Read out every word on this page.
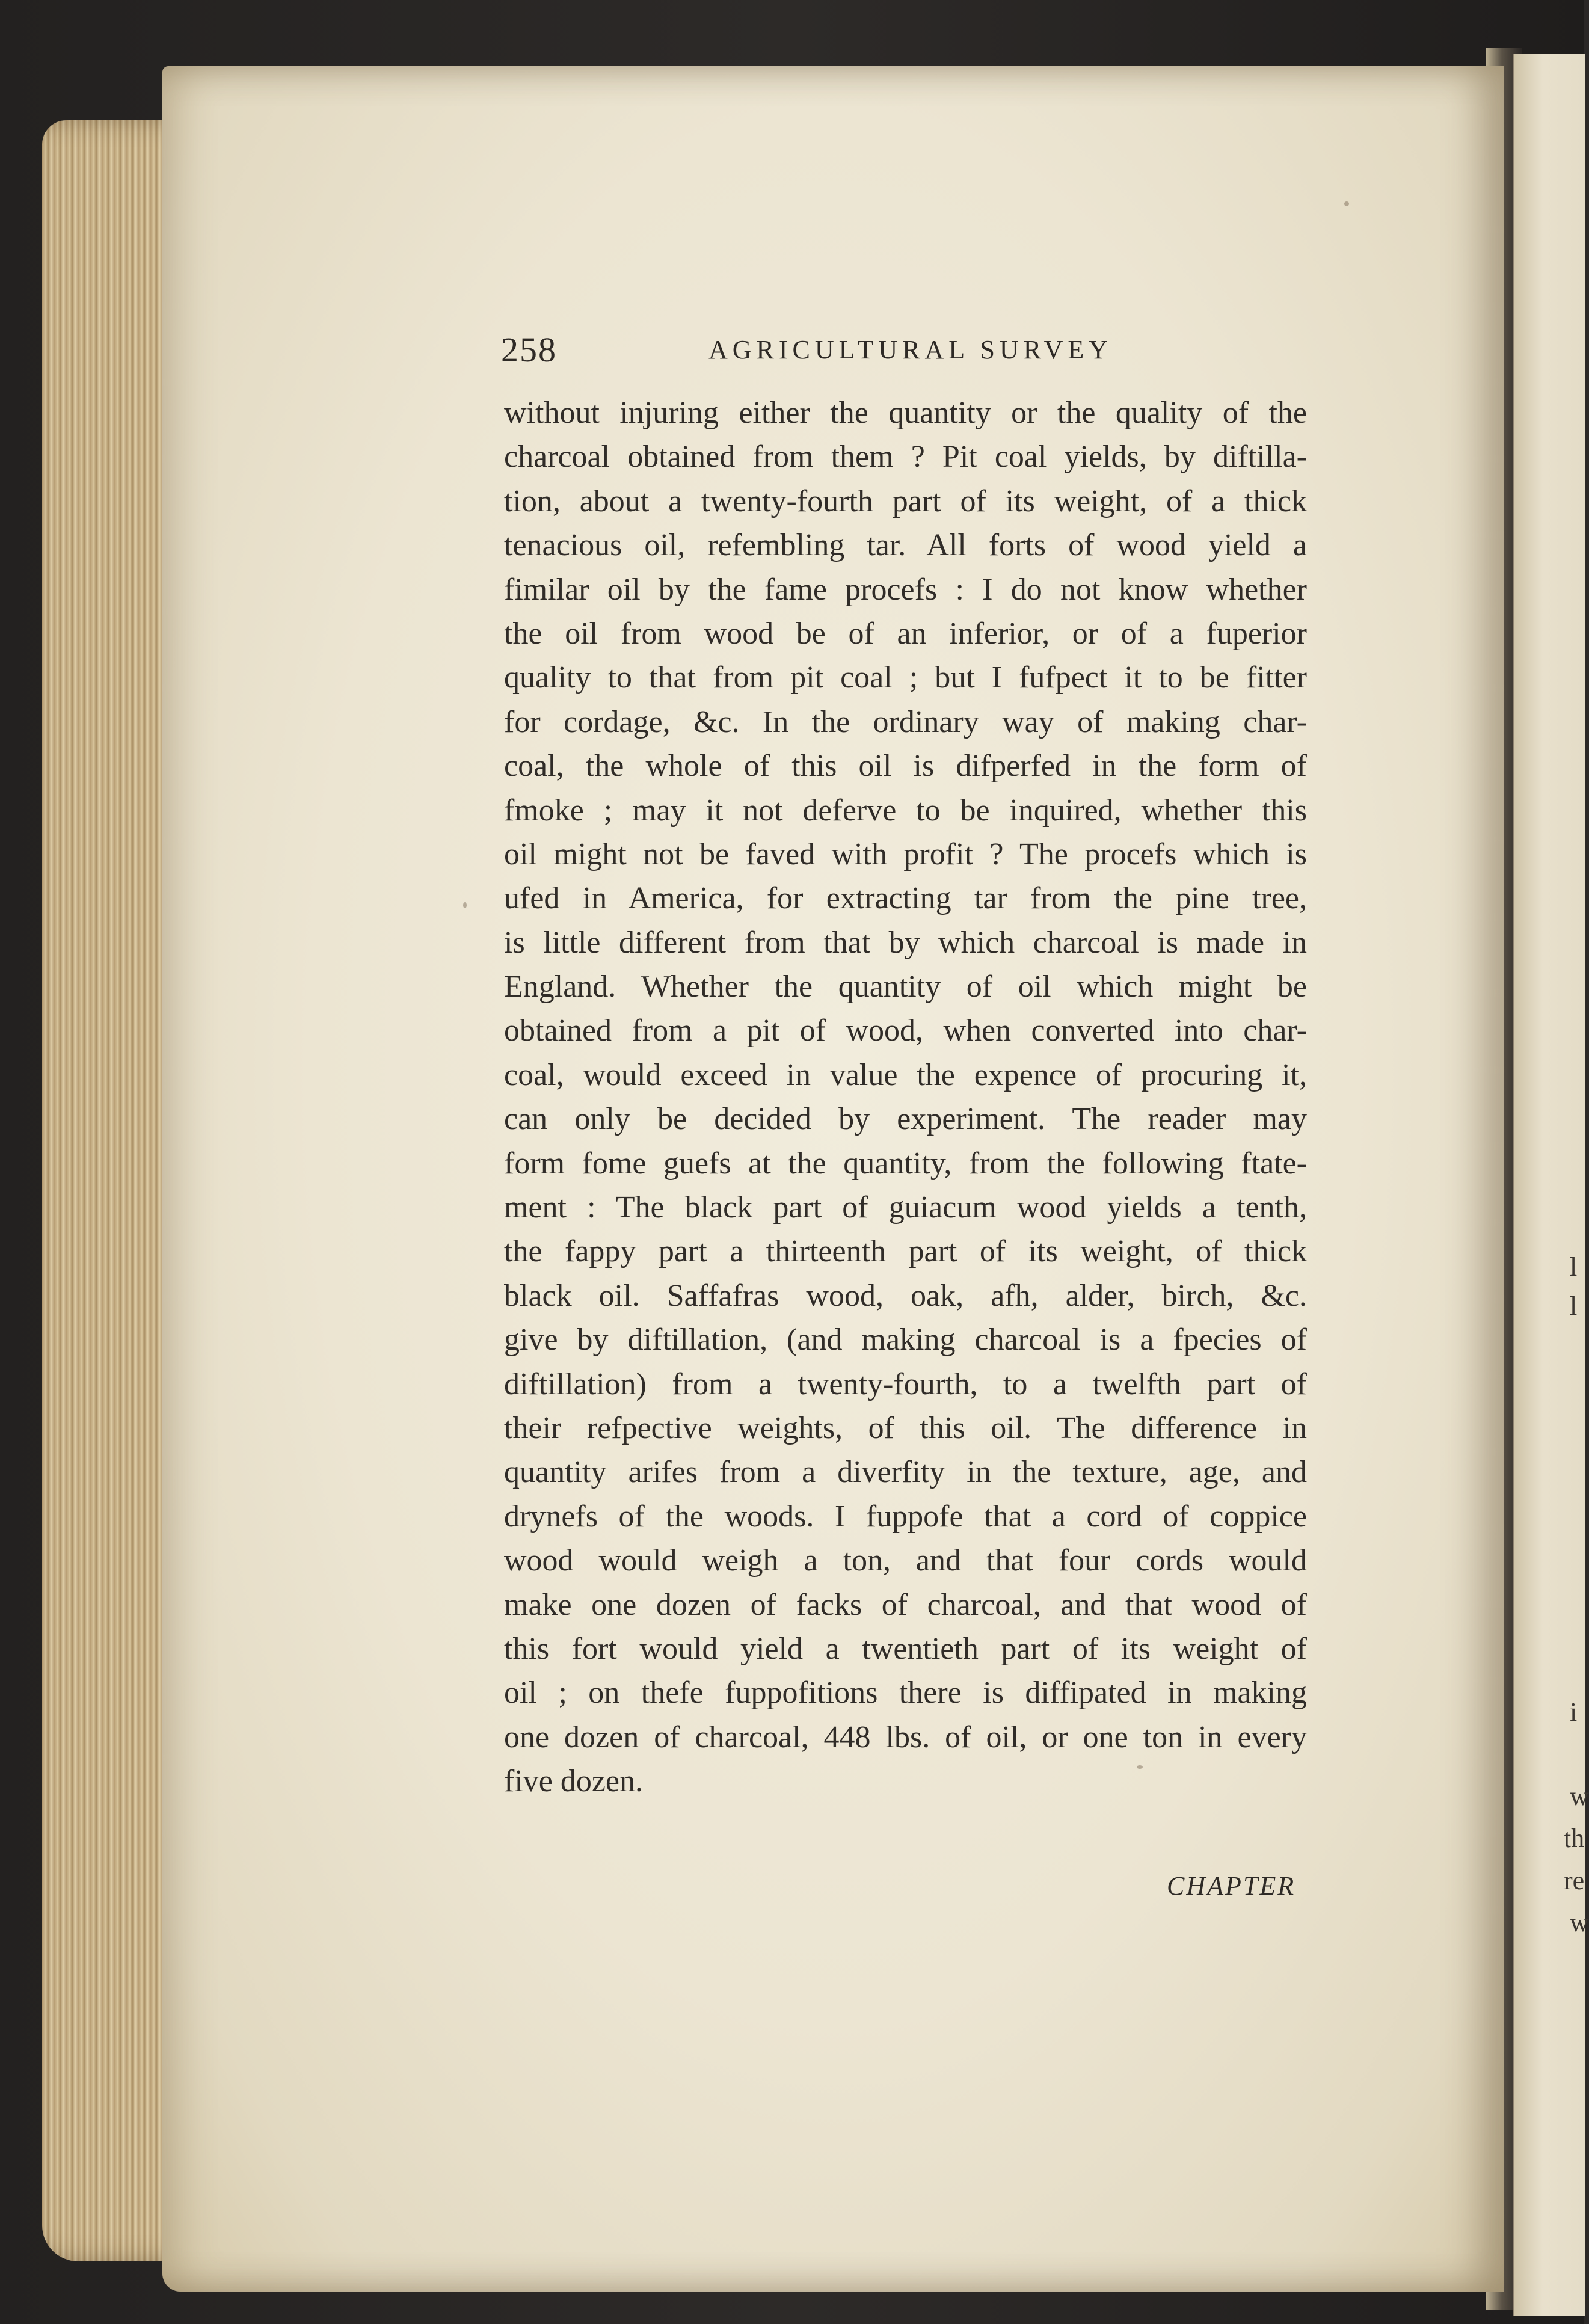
l
l
i
w
th
re
w
258	AGRICULTURAL SURVEY
without injuring either the quantity or the quality of the
charcoal obtained from them ? Pit coal yields, by diftilla-
tion, about a twenty-fourth part of its weight, of a thick
tenacious oil, refembling tar. All forts of wood yield a
fimilar oil by the fame procefs : I do not know whether
the oil from wood be of an inferior, or of a fuperior
quality to that from pit coal ; but I fufpect it to be fitter
for cordage, &c. In the ordinary way of making char-
coal, the whole of this oil is difperfed in the form of
fmoke ; may it not deferve to be inquired, whether this
oil might not be faved with profit ? The procefs which is
ufed in America, for extracting tar from the pine tree,
is little different from that by which charcoal is made in
England. Whether the quantity of oil which might be
obtained from a pit of wood, when converted into char-
coal, would exceed in value the expence of procuring it,
can only be decided by experiment. The reader may
form fome guefs at the quantity, from the following ftate-
ment : The black part of guiacum wood yields a tenth,
the fappy part a thirteenth part of its weight, of thick
black oil. Saffafras wood, oak, afh, alder, birch, &c.
give by diftillation, (and making charcoal is a fpecies of
diftillation) from a twenty-fourth, to a twelfth part of
their refpective weights, of this oil. The difference in
quantity arifes from a diverfity in the texture, age, and
drynefs of the woods. I fuppofe that a cord of coppice
wood would weigh a ton, and that four cords would
make one dozen of facks of charcoal, and that wood of
this fort would yield a twentieth part of its weight of
oil ; on thefe fuppofitions there is diffipated in making
one dozen of charcoal, 448 lbs. of oil, or one ton in every
five dozen.
CHAPTER
